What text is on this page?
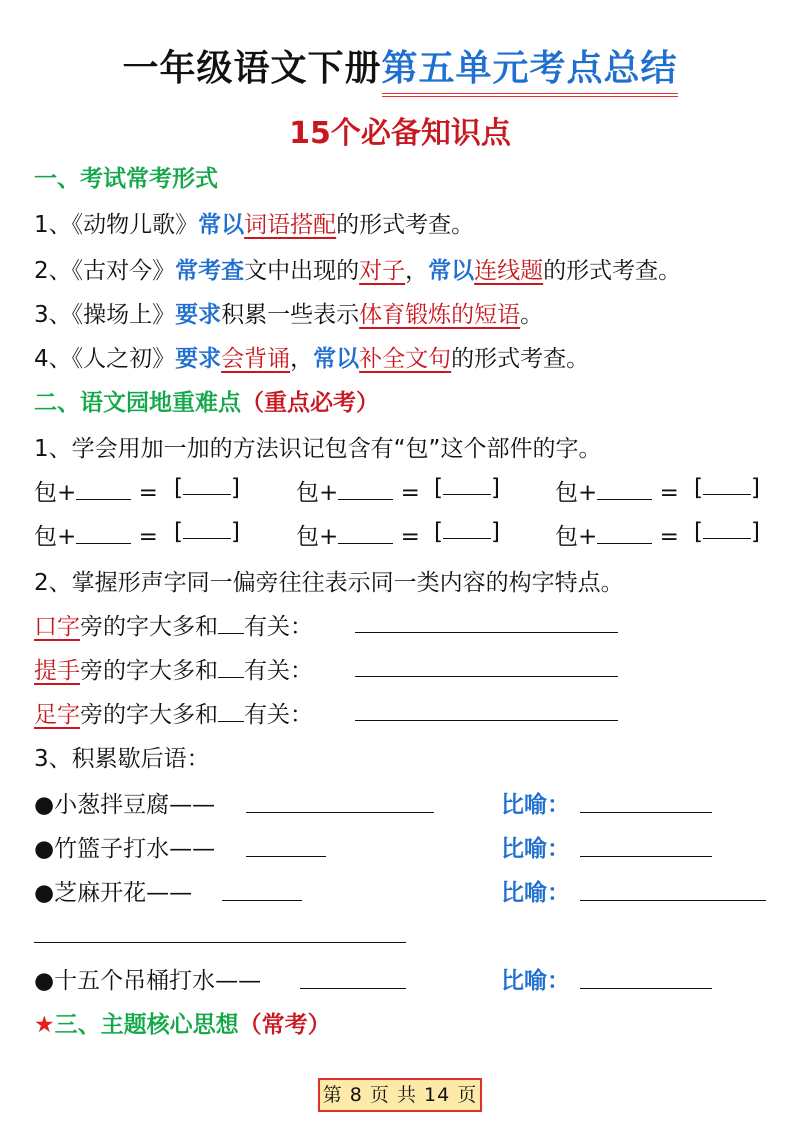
一年级语文下册第五单元考点总结
15个必备知识点
一、考试常考形式
1、《动物儿歌》常以词语搭配的形式考查。
2、《古对今》常考查文中出现的对子，常以连线题的形式考查。
3、《操场上》要求积累一些表示体育锻炼的短语。
4、《人之初》要求会背诵，常以补全文句的形式考查。
二、语文园地重难点（重点必考）
1、学会用加一加的方法识记包含有“包”这个部件的字。
包+	= [ ] 包+	= [ ] 包+	= [ ]
包+	= [ ] 包+	= [ ] 包+	= [ ]
2、掌握形声字同一偏旁往往表示同一类内容的构字特点。
口字旁的字大多和 有关：
提手旁的字大多和 有关：
足字旁的字大多和 有关：
3、积累歇后语：
●小葱拌豆腐——	比喻：
●竹篮子打水——	比喻：
●芝麻开花——	比喻：
●十五个吊桶打水——	比喻：
★三、主题核心思想（常考）
第 8 页 共 14 页
